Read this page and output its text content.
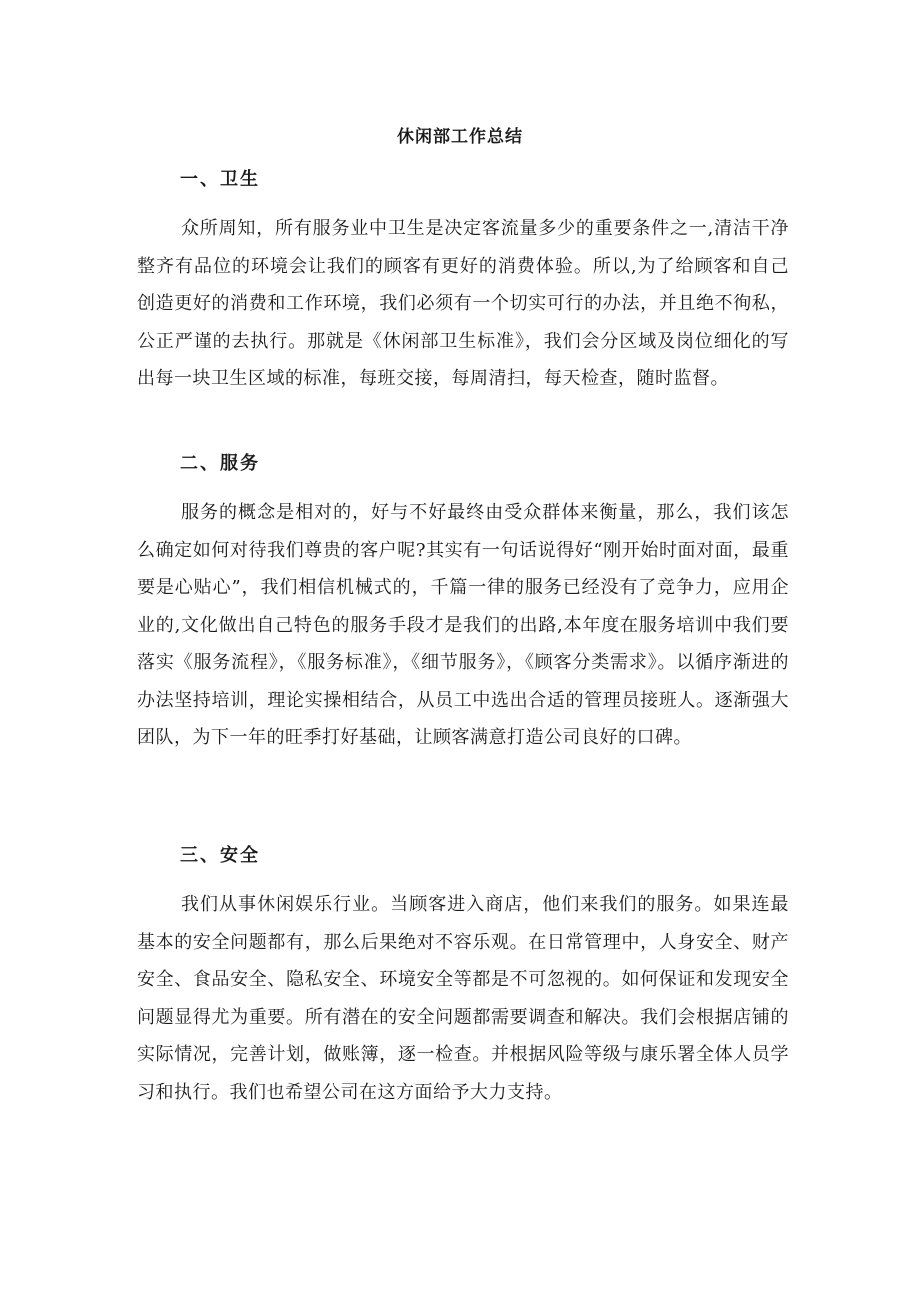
休闲部工作总结
一、卫生

众所周知，所有服务业中卫生是决定客流量多少的重要条件之一,清洁干净整齐有品位的环境会让我们的顾客有更好的消费体验。所以,为了给顾客和自己创造更好的消费和工作环境，我们必须有一个切实可行的办法，并且绝不徇私，公正严谨的去执行。那就是《休闲部卫生标准》，我们会分区域及岗位细化的写出每一块卫生区域的标准，每班交接，每周清扫，每天检查，随时监督。

二、服务

服务的概念是相对的，好与不好最终由受众群体来衡量，那么，我们该怎么确定如何对待我们尊贵的客户呢?其实有一句话说得好“刚开始时面对面，最重要是心贴心”，我们相信机械式的，千篇一律的服务已经没有了竞争力，应用企业的,文化做出自己特色的服务手段才是我们的出路,本年度在服务培训中我们要落实《服务流程》，《服务标准》，《细节服务》，《顾客分类需求》。以循序渐进的办法坚持培训，理论实操相结合，从员工中选出合适的管理员接班人。逐渐强大团队，为下一年的旺季打好基础，让顾客满意打造公司良好的口碑。

三、安全

我们从事休闲娱乐行业。当顾客进入商店，他们来我们的服务。如果连最基本的安全问题都有，那么后果绝对不容乐观。在日常管理中，人身安全、财产安全、食品安全、隐私安全、环境安全等都是不可忽视的。如何保证和发现安全问题显得尤为重要。所有潜在的安全问题都需要调查和解决。我们会根据店铺的实际情况，完善计划，做账簿，逐一检查。并根据风险等级与康乐署全体人员学习和执行。我们也希望公司在这方面给予大力支持。
